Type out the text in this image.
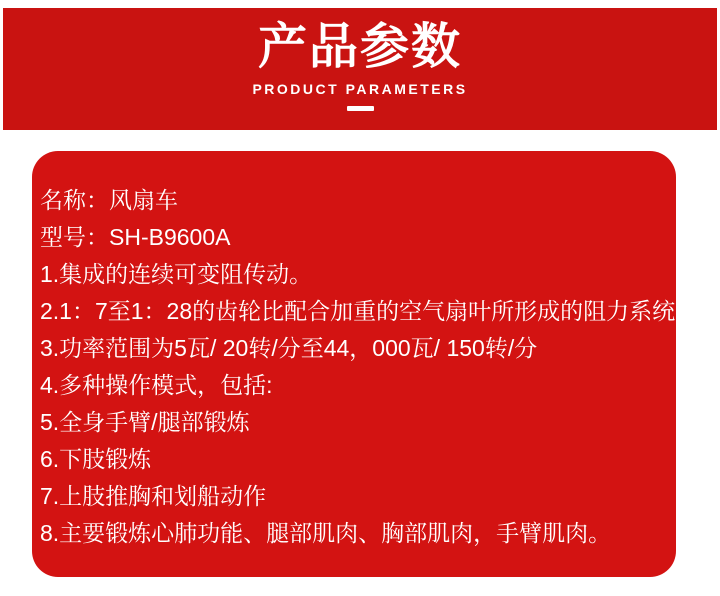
产品参数
PRODUCT PARAMETERS
名称：风扇车
型号：SH-B9600A
1.集成的连续可变阻传动。
2.1：7至1：28的齿轮比配合加重的空气扇叶所形成的阻力系统。
3.功率范围为5瓦/ 20转/分至44，000瓦/ 150转/分
4.多种操作模式，包括:
5.全身手臂/腿部锻炼
6.下肢锻炼
7.上肢推胸和划船动作
8.主要锻炼心肺功能、腿部肌肉、胸部肌肉，手臂肌肉。
